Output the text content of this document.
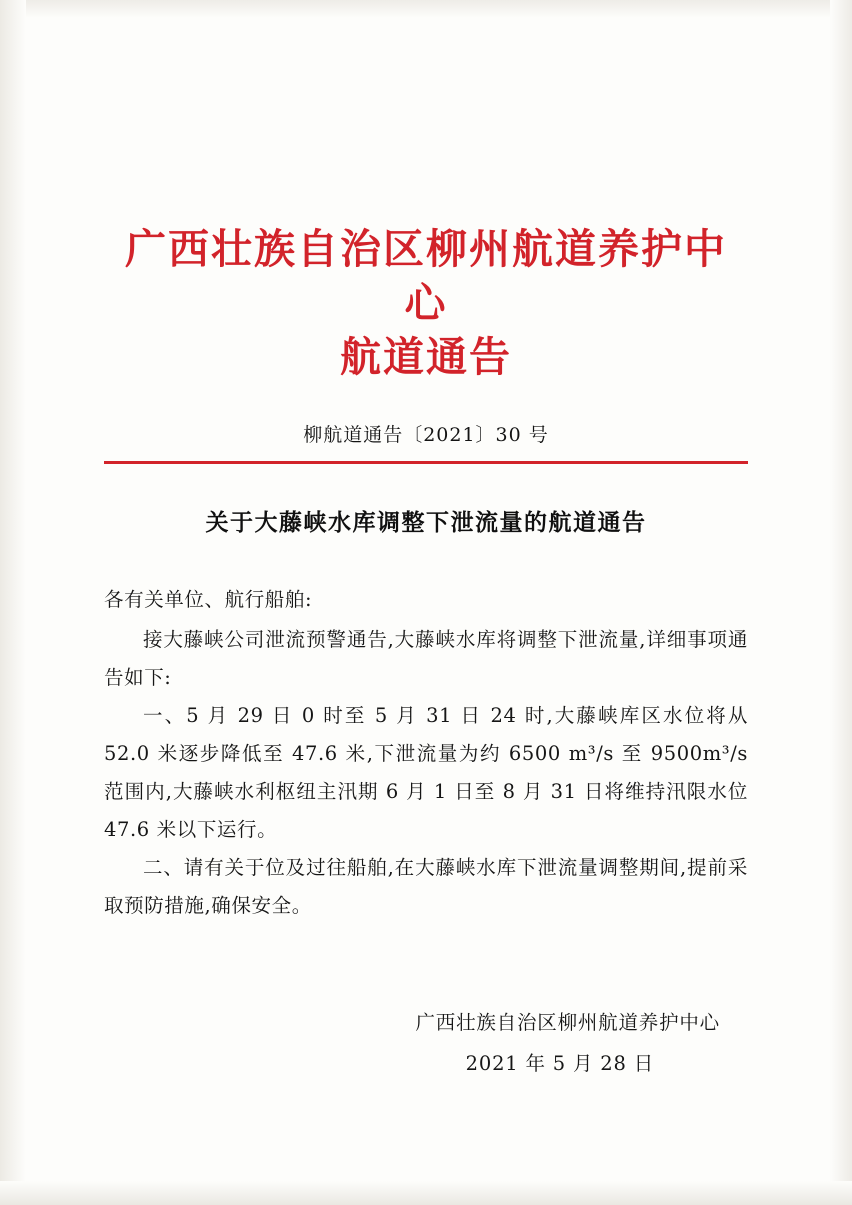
广西壮族自治区柳州航道养护中心
航道通告
柳航道通告〔2021〕30 号
关于大藤峡水库调整下泄流量的航道通告
各有关单位、航行船舶:
接大藤峡公司泄流预警通告,大藤峡水库将调整下泄流量,详细事项通告如下:
一、5 月 29 日 0 时至 5 月 31 日 24 时,大藤峡库区水位将从 52.0 米逐步降低至 47.6 米,下泄流量为约 6500 m³/s 至 9500m³/s 范围内,大藤峡水利枢纽主汛期 6 月 1 日至 8 月 31 日将维持汛限水位 47.6 米以下运行。
二、请有关于位及过往船舶,在大藤峡水库下泄流量调整期间,提前采取预防措施,确保安全。
广西壮族自治区柳州航道养护中心
2021 年 5 月 28 日
